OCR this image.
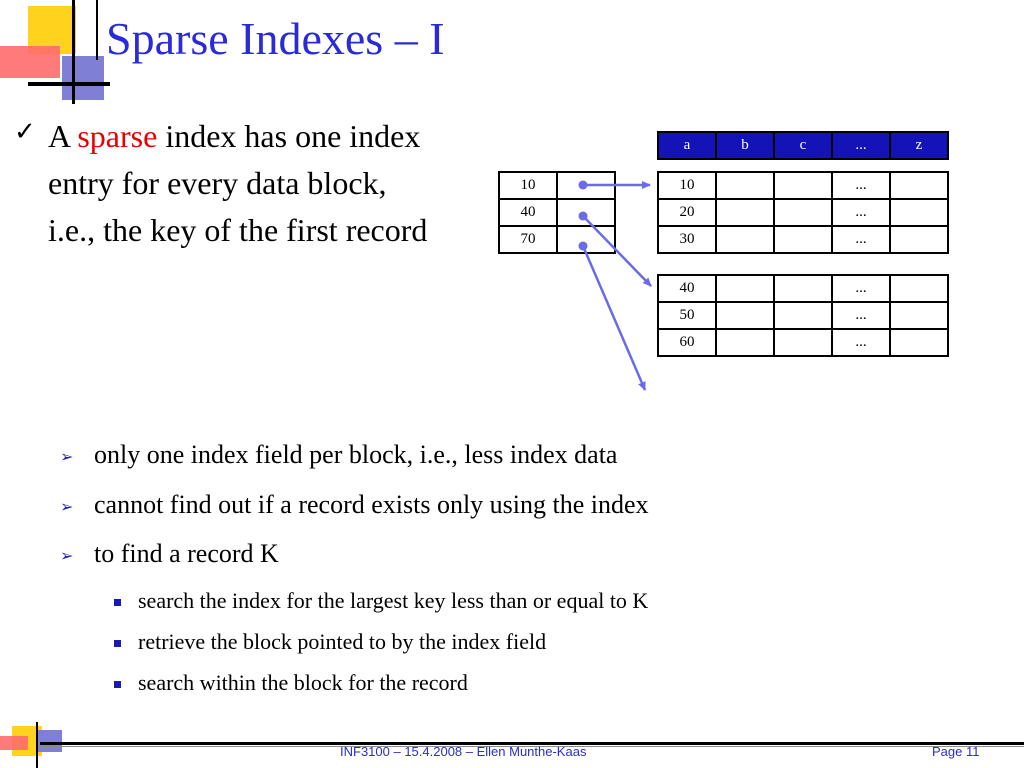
Sparse Indexes – I
✓ A sparse index has one index entry for every data block, i.e., the key of the first record
10	
40	
70	
a	b	c	...	z
10			...	
20			...	
30			...	
40			...	
50			...	
60			...	
➢ only one index field per block, i.e., less index data
➢ cannot find out if a record exists only using the index
➢ to find a record K
search the index for the largest key less than or equal to K
retrieve the block pointed to by the index field
search within the block for the record
INF3100 – 15.4.2008 – Ellen Munthe-Kaas	Page 11
